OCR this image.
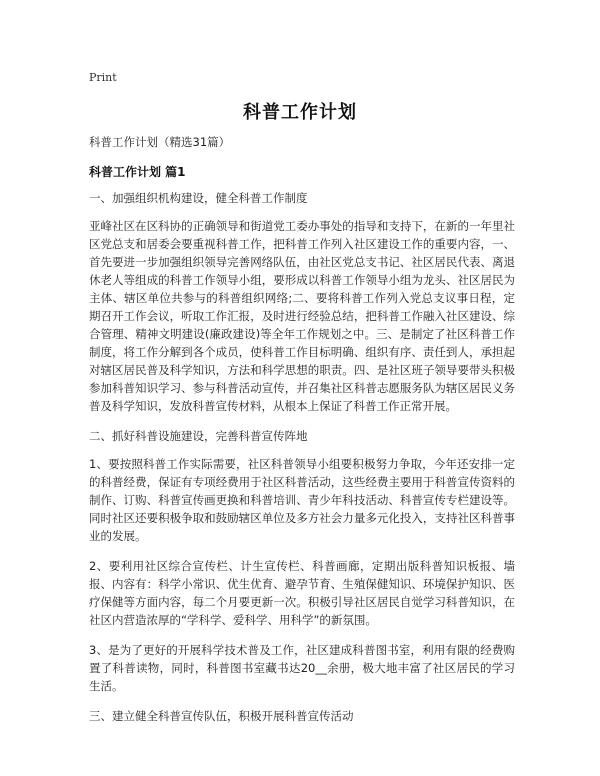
Print
科普工作计划
科普工作计划（精选31篇）
科普工作计划 篇1

一、加强组织机构建设，健全科普工作制度

亚峰社区在区科协的正确领导和街道党工委办事处的指导和支持下，在新的一年里社区党总支和居委会要重视科普工作，把科普工作列入社区建设工作的重要内容，一、首先要进一步加强组织领导完善网络队伍，由社区党总支书记、社区居民代表、离退休老人等组成的科普工作领导小组，要形成以科普工作领导小组为龙头、社区居民为主体、辖区单位共参与的科普组织网络;二、要将科普工作列入党总支议事日程，定期召开工作会议，听取工作汇报，及时进行经验总结，把科普工作融入社区建设、综合管理、精神文明建设(廉政建设)等全年工作规划之中。三、是制定了社区科普工作制度，将工作分解到各个成员，使科普工作目标明确、组织有序、责任到人，承担起对辖区居民普及科学知识，方法和科学思想的职责。四、是社区班子领导要带头积极参加科普知识学习、参与科普活动宣传，并召集社区科普志愿服务队为辖区居民义务普及科学知识，发放科普宣传材料，从根本上保证了科普工作正常开展。

二、抓好科普设施建设，完善科普宣传阵地

1、要按照科普工作实际需要，社区科普领导小组要积极努力争取，今年还安排一定的科普经费，保证有专项经费用于社区科普活动，这些经费主要用于科普宣传资料的制作、订购、科普宣传画更换和科普培训、青少年科技活动、科普宣传专栏建设等。同时社区还要积极争取和鼓励辖区单位及多方社会力量多元化投入，支持社区科普事业的发展。

2、要利用社区综合宣传栏、计生宣传栏、科普画廊，定期出版科普知识板报、墙报、内容有：科学小常识、优生优育、避孕节育、生殖保健知识、环境保护知识、医疗保健等方面内容，每二个月要更新一次。积极引导社区居民自觉学习科普知识，在社区内营造浓厚的“学科学、爱科学、用科学”的新氛围。

3、是为了更好的开展科学技术普及工作，社区建成科普图书室，利用有限的经费购置了科普读物，同时，科普图书室藏书达20__余册，极大地丰富了社区居民的学习生活。

三、建立健全科普宣传队伍，积极开展科普宣传活动
